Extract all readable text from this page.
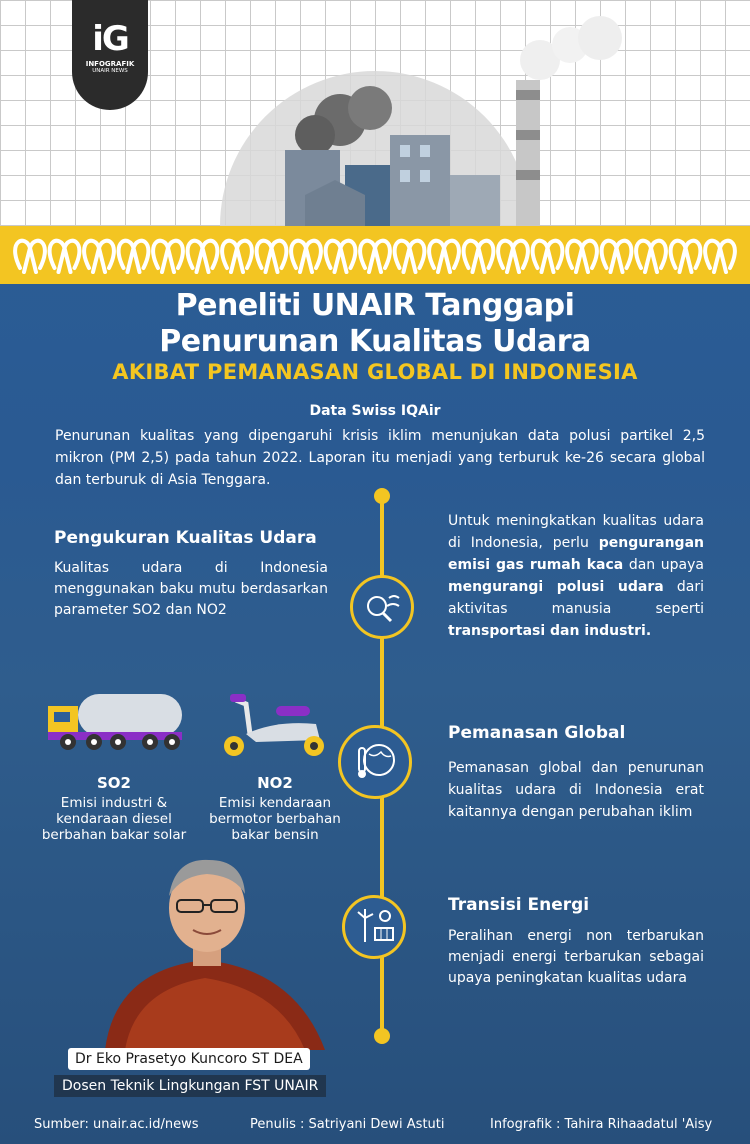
iG
INFOGRAFIK
UNAIR NEWS
Peneliti UNAIR Tanggapi
Penurunan Kualitas Udara
AKIBAT PEMANASAN GLOBAL DI INDONESIA
Data Swiss IQAir
Penurunan kualitas yang dipengaruhi krisis iklim menunjukan data polusi partikel 2,5 mikron (PM 2,5) pada tahun 2022. Laporan itu menjadi yang terburuk ke-26 secara global dan terburuk di Asia Tenggara.
Pengukuran Kualitas Udara
Kualitas udara di Indonesia menggunakan baku mutu berdasarkan parameter SO2 dan NO2
Untuk meningkatkan kualitas udara di Indonesia, perlu pengurangan emisi gas rumah kaca dan upaya mengurangi polusi udara dari aktivitas manusia seperti transportasi dan industri.
SO2
Emisi industri & kendaraan diesel berbahan bakar solar
NO2
Emisi kendaraan bermotor berbahan bakar bensin
Pemanasan Global
Pemanasan global dan penurunan kualitas udara di Indonesia erat kaitannya dengan perubahan iklim
Transisi Energi
Peralihan energi non terbarukan menjadi energi terbarukan sebagai upaya peningkatan kualitas udara
Dr Eko Prasetyo Kuncoro ST DEA
Dosen Teknik Lingkungan FST UNAIR
Sumber: unair.ac.id/news	Penulis : Satriyani Dewi Astuti	Infografik : Tahira Rihaadatul 'Aisy
